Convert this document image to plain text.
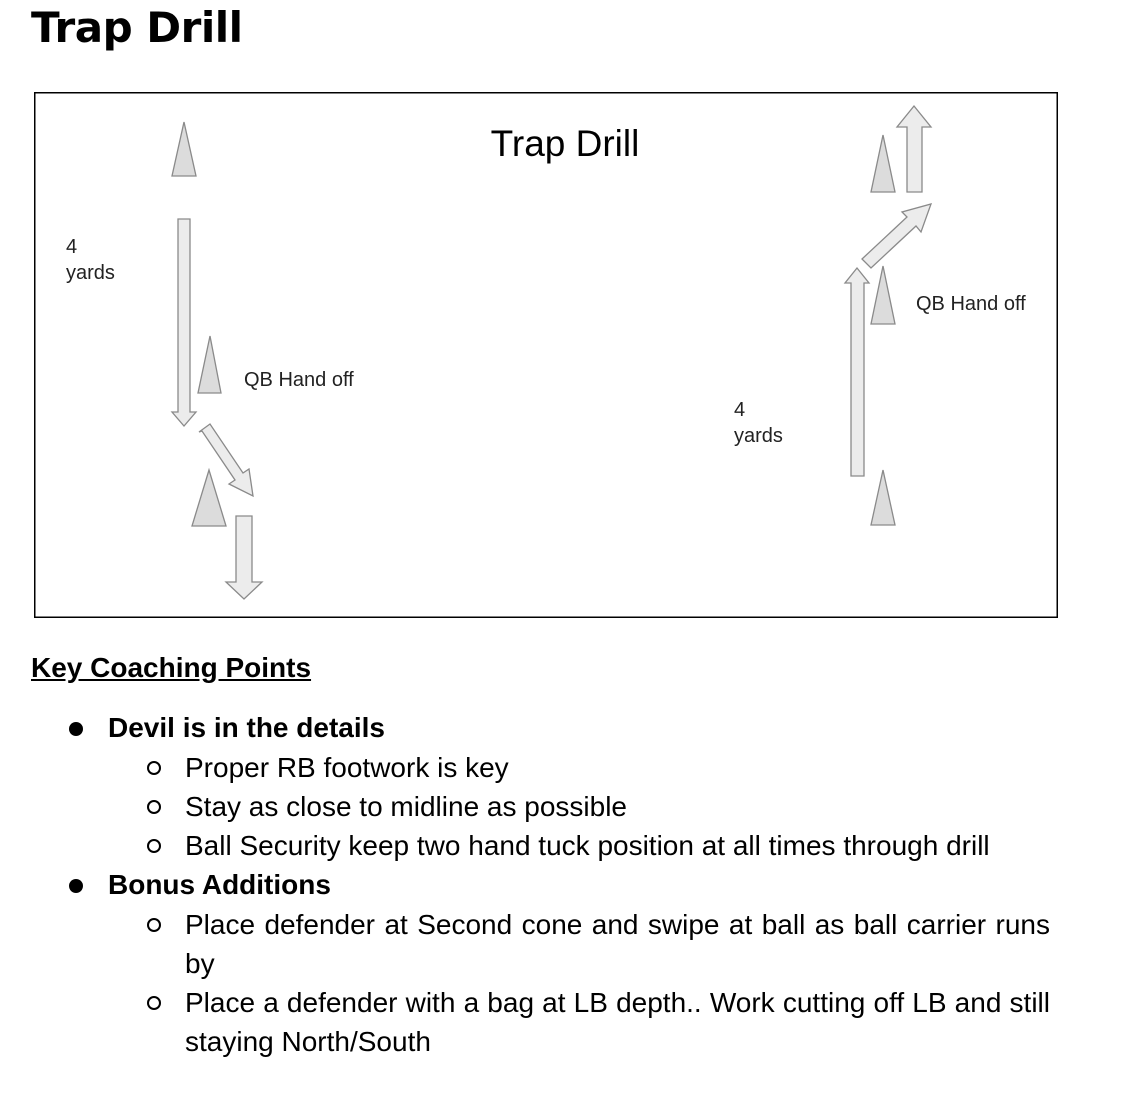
Trap Drill
Trap Drill
4
yards
QB Hand off
4
yards
QB Hand off
Key Coaching Points
Devil is in the details
Proper RB footwork is key
Stay as close to midline as possible
Ball Security keep two hand tuck position at all times through drill
Bonus Additions
Place defender at Second cone and swipe at ball as ball carrier runs by
Place a defender with a bag at LB depth.. Work cutting off LB and still staying North/South
